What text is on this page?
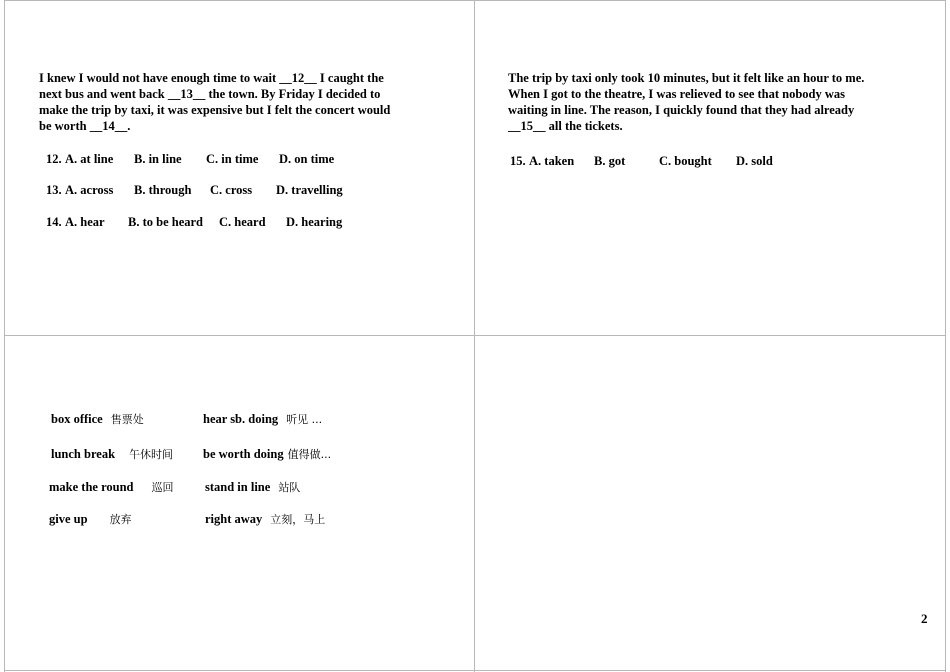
I knew I would not have enough time to wait __12__ I caught the
next bus and went back __13__ the town. By Friday I decided to
make the trip by taxi, it was expensive but I felt the concert would
be worth __14__.
12. A. at line B. in line C. in time D. on time
13. A. across B. through C. cross D. travelling
14. A. hear B. to be heard C. heard D. hearing
The trip by taxi only took 10 minutes, but it felt like an hour to me.
When I got to the theatre, I was relieved to see that nobody was
waiting in line. The reason, I quickly found that they had already
__15__ all the tickets.
15. A. taken B. got	C. bought D. sold
box office 售票处	hear sb. doing 听见 ...
lunch break 午休时间 be worth doing 值得做...
make the round 巡回	stand in line 站队
give up 放弃	right away 立刻，马上
2
